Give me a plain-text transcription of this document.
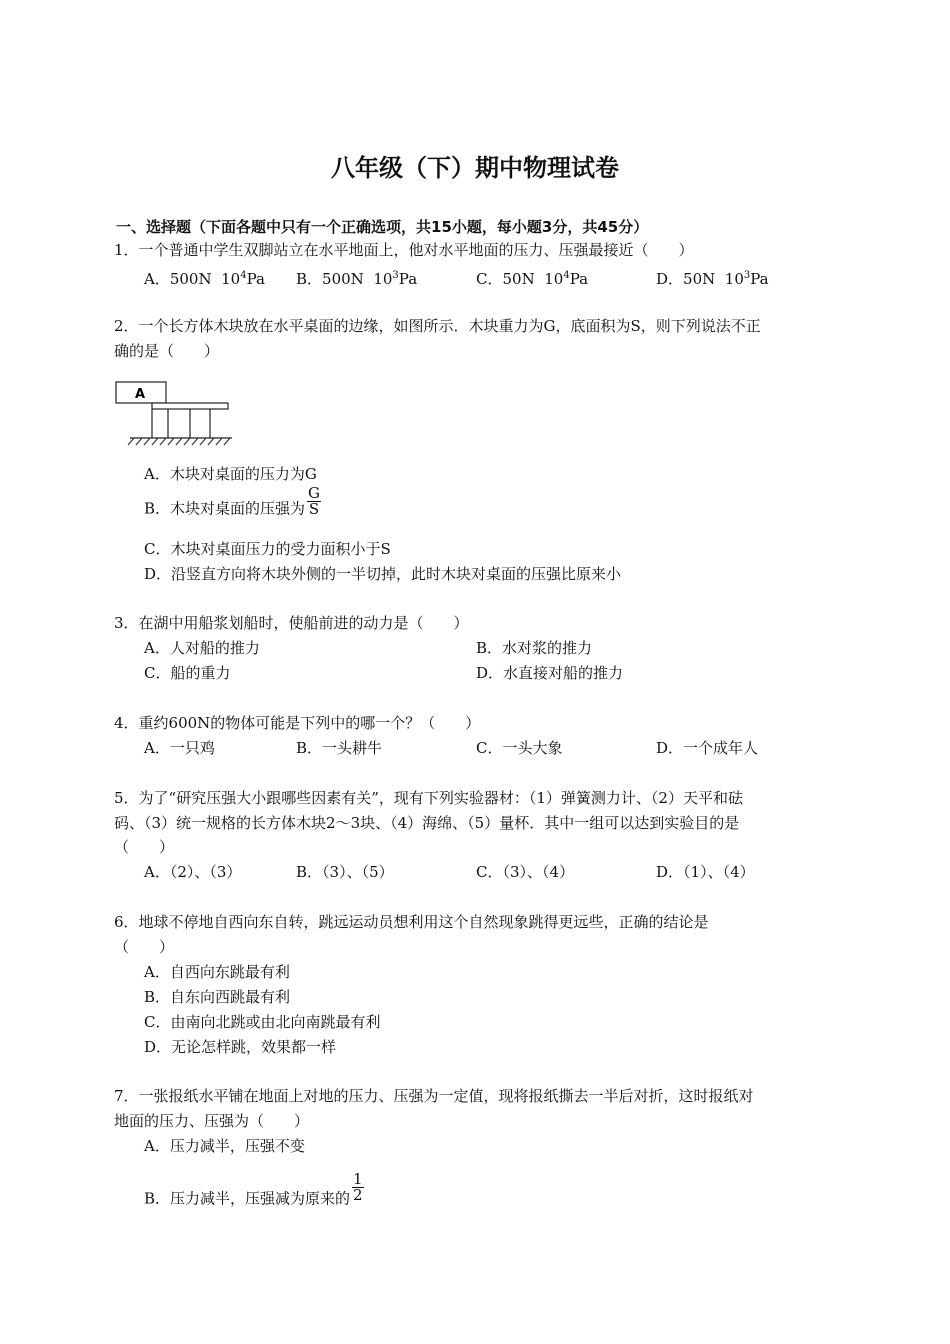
八年级（下）期中物理试卷
一、选择题（下面各题中只有一个正确选项，共15小题，每小题3分，共45分）
1．一个普通中学生双脚站立在水平地面上，他对水平地面的压力、压强最接近（　　）
A．500N $10^4Pa$ B．500N $10^3Pa$	C．50N $10^4Pa$	D．50N $10^3Pa$
2．一个长方体木块放在水平桌面的边缘，如图所示．木块重力为G，底面积为S，则下列说法不正
确的是（　　）
A
A．木块对桌面的压力为G
B．木块对桌面的压强为 $\frac{G}{S}$
C．木块对桌面压力的受力面积小于S
D．沿竖直方向将木块外侧的一半切掉，此时木块对桌面的压强比原来小
3．在湖中用船浆划船时，使船前进的动力是（　　）
A．人对船的推力	B．水对浆的推力
C．船的重力	D．水直接对船的推力
4．重约600N的物体可能是下列中的哪一个？（　　）
A．一只鸡	B．一头耕牛	C．一头大象	D．一个成年人
5．为了“研究压强大小跟哪些因素有关”，现有下列实验器材：（1）弹簧测力计、（2）天平和砝
码、（3）统一规格的长方体木块2～3块、（4）海绵、（5）量杯．其中一组可以达到实验目的是
（　　）
A．（2）、（3）	B．（3）、（5）	C．（3）、（4）	D．（1）、（4）
6．地球不停地自西向东自转，跳远运动员想利用这个自然现象跳得更远些，正确的结论是
（　　）
A．自西向东跳最有利
B．自东向西跳最有利
C．由南向北跳或由北向南跳最有利
D．无论怎样跳，效果都一样
7．一张报纸水平铺在地面上对地的压力、压强为一定值，现将报纸撕去一半后对折，这时报纸对
地面的压力、压强为（　　）
A．压力减半，压强不变
B．压力减半，压强减为原来的 $\frac{1}{2}$
